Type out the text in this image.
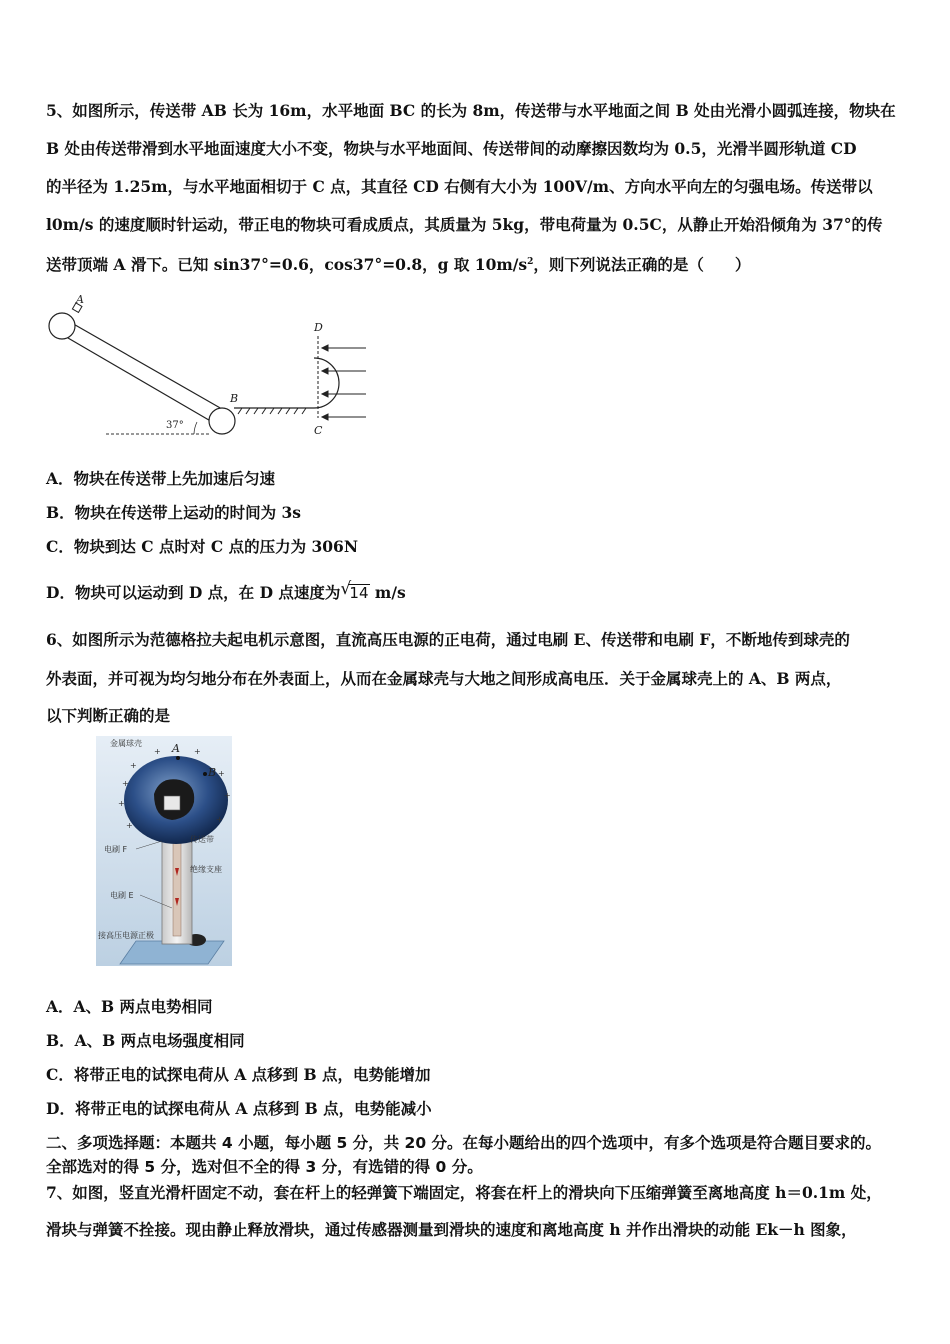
5、如图所示，传送带 AB 长为 16m，水平地面 BC 的长为 8m，传送带与水平地面之间 B 处由光滑小圆弧连接，物块在
B 处由传送带滑到水平地面速度大小不变，物块与水平地面间、传送带间的动摩擦因数均为 0.5，光滑半圆形轨道 CD
的半径为 1.25m，与水平地面相切于 C 点，其直径 CD 右侧有大小为 100V/m、方向水平向左的匀强电场。传送带以
l0m/s 的速度顺时针运动，带正电的物块可看成质点，其质量为 5kg，带电荷量为 0.5C，从静止开始沿倾角为 37°的传
送带顶端 A 滑下。已知 sin37°=0.6，cos37°=0.8，g 取 $10m/s^2$，则下列说法正确的是（　　）
A
B
C
D
37°
A．物块在传送带上先加速后匀速
B．物块在传送带上运动的时间为 3s
C．物块到达 C 点时对 C 点的压力为 306N
D．物块可以运动到 D 点，在 D 点速度为 √
14 m/s
6、如图所示为范德格拉夫起电机示意图，直流高压电源的正电荷，通过电刷 E、传送带和电刷 F，不断地传到球壳的
外表面，并可视为均匀地分布在外表面上，从而在金属球壳与大地之间形成高电压．关于金属球壳上的 A、B 两点，
以下判断正确的是
+
+
+
+
+
+
+
+	+
金属球壳	A
B
电刷 F
传送带
绝缘支座
电刷 E
接高压电源正极
A．A、B 两点电势相同
B．A、B 两点电场强度相同
C．将带正电的试探电荷从 A 点移到 B 点，电势能增加
D．将带正电的试探电荷从 A 点移到 B 点，电势能减小
二、多项选择题：本题共 4 小题，每小题 5 分，共 20 分。在每小题给出的四个选项中，有多个选项是符合题目要求的。
全部选对的得 5 分，选对但不全的得 3 分，有选错的得 0 分。
7、如图，竖直光滑杆固定不动，套在杆上的轻弹簧下端固定，将套在杆上的滑块向下压缩弹簧至离地高度 h＝0.1m 处，
滑块与弹簧不拴接。现由静止释放滑块，通过传感器测量到滑块的速度和离地高度 h 并作出滑块的动能 Ek－h 图象，
